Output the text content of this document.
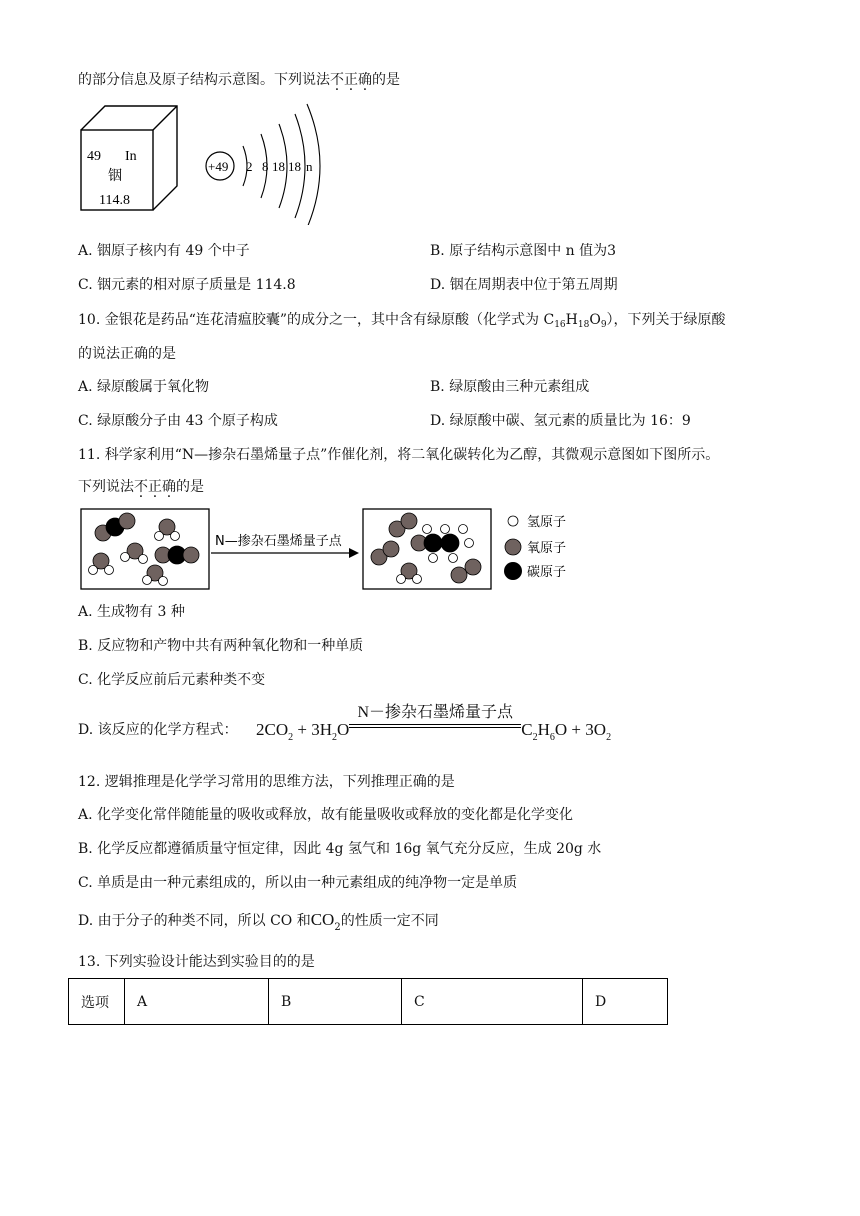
的部分信息及原子结构示意图。下列说法不正确的是
49 In
铟
114.8
+49 2 8 18 18 n
A. 铟原子核内有 49 个中子	B. 原子结构示意图中 n 值为3
C. 铟元素的相对原子质量是 114.8	D. 铟在周期表中位于第五周期
10. 金银花是药品“连花清瘟胶囊”的成分之一，其中含有绿原酸（化学式为 $C_{16}H_{18}O_9$），下列关于绿原酸
的说法正确的是
A. 绿原酸属于氧化物	B. 绿原酸由三种元素组成
C. 绿原酸分子由 43 个原子构成	D. 绿原酸中碳、氢元素的质量比为 16：9
11. 科学家利用“N—掺杂石墨烯量子点”作催化剂，将二氧化碳转化为乙醇，其微观示意图如下图所示。
下列说法不正确的是
N—掺杂石墨烯量子点
氢原子
氧原子
碳原子
A. 生成物有 3 种
B. 反应物和产物中共有两种氧化物和一种单质
C. 化学反应前后元素种类不变
D. 该反应的化学方程式： $2CO_2 + 3H_2O$
N－掺杂石墨烯量子点
$C_2H_6O + 3O_2$
12. 逻辑推理是化学学习常用的思维方法，下列推理正确的是
A. 化学变化常伴随能量的吸收或释放，故有能量吸收或释放的变化都是化学变化
B. 化学反应都遵循质量守恒定律，因此 4g 氢气和 16g 氧气充分反应，生成 20g 水
C. 单质是由一种元素组成的，所以由一种元素组成的纯净物一定是单质
D. 由于分子的种类不同，所以 CO 和$CO_2$的性质一定不同
13. 下列实验设计能达到实验目的的是
选项	A	B	C	D
